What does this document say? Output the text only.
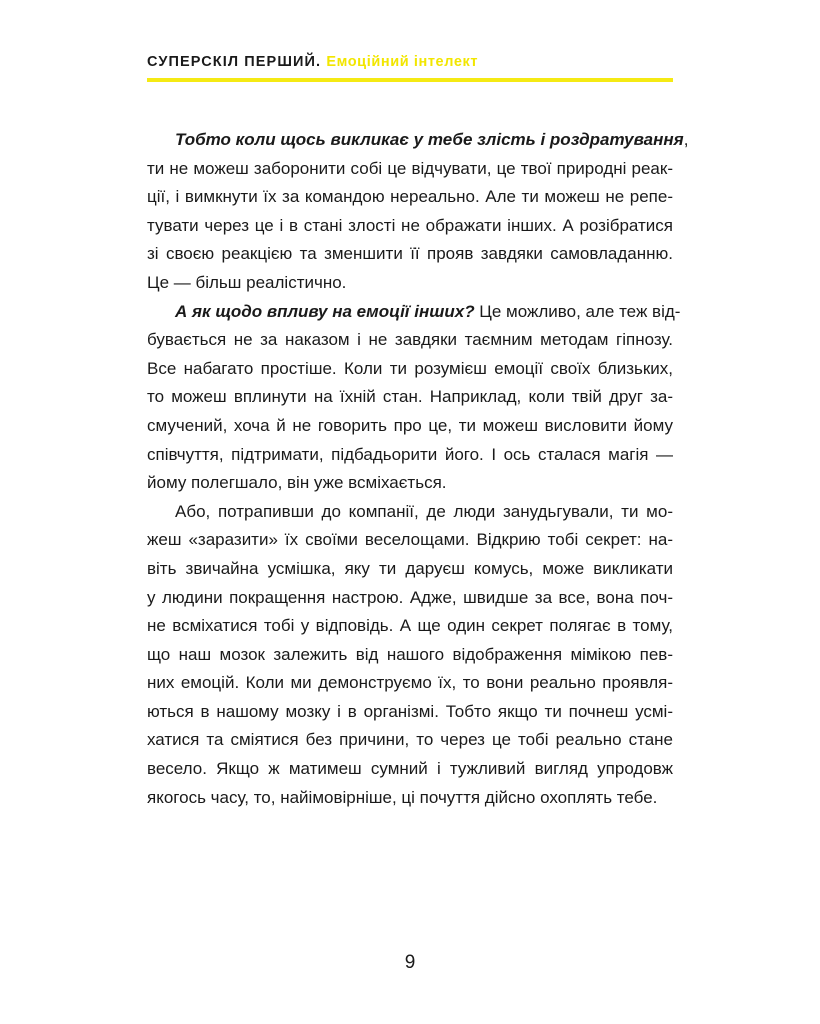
СУПЕРСКІЛ ПЕРШИЙ. Емоційний інтелект
Тобто коли щось викликає у тебе злість і роздратування,
ти не можеш заборонити собі це відчувати, це твої природні реак-
ції, і вимкнути їх за командою нереально. Але ти можеш не репе-
тувати через це і в стані злості не ображати інших. А розібратися
зі своєю реакцією та зменшити її прояв завдяки самовладанню.
Це — більш реалістично.
А як щодо впливу на емоції інших? Це можливо, але теж від-
бувається не за наказом і не завдяки таємним методам гіпнозу.
Все набагато простіше. Коли ти розумієш емоції своїх близьких,
то можеш вплинути на їхній стан. Наприклад, коли твій друг за-
смучений, хоча й не говорить про це, ти можеш висловити йому
співчуття, підтримати, підбадьорити його. І ось сталася магія —
йому полегшало, він уже всміхається.
Або, потрапивши до компанії, де люди занудьгували, ти мо-
жеш «заразити» їх своїми веселощами. Відкрию тобі секрет: на-
віть звичайна усмішка, яку ти даруєш комусь, може викликати
у людини покращення настрою. Адже, швидше за все, вона поч-
не всміхатися тобі у відповідь. А ще один секрет полягає в тому,
що наш мозок залежить від нашого відображення мімікою пев-
них емоцій. Коли ми демонструємо їх, то вони реально проявля-
ються в нашому мозку і в організмі. Тобто якщо ти почнеш усмі-
хатися та сміятися без причини, то через це тобі реально стане
весело. Якщо ж матимеш сумний і тужливий вигляд упродовж
якогось часу, то, найімовірніше, ці почуття дійсно охоплять тебе.
9
